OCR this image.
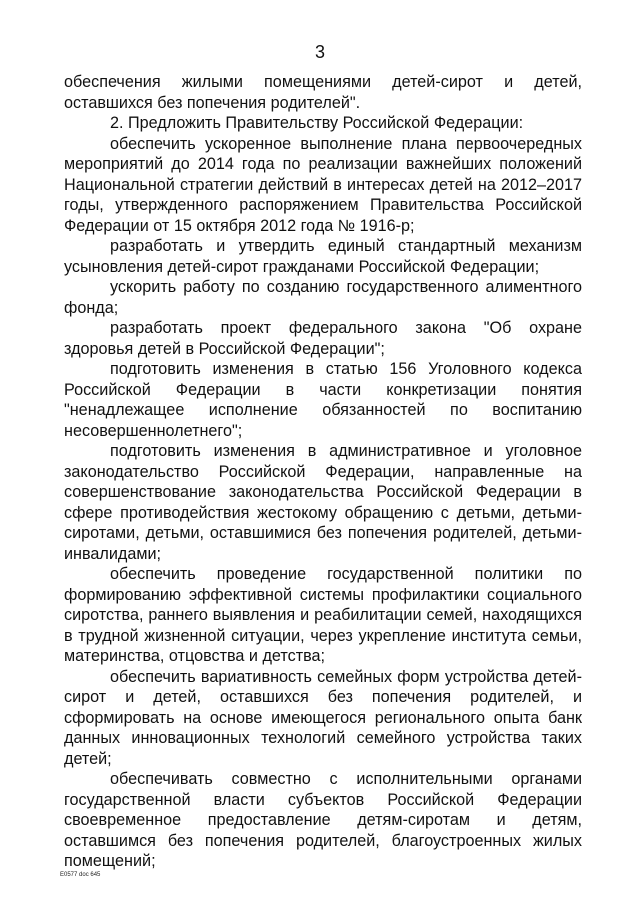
3

обеспечения жилыми помещениями детей-сирот и детей, оставшихся без попечения родителей".

2. Предложить Правительству Российской Федерации:

обеспечить ускоренное выполнение плана первоочередных мероприятий до 2014 года по реализации важнейших положений Национальной стратегии действий в интересах детей на 2012–2017 годы, утвержденного распоряжением Правительства Российской Федерации от 15 октября 2012 года № 1916-р;

разработать и утвердить единый стандартный механизм усыновления детей-сирот гражданами Российской Федерации;

ускорить работу по созданию государственного алиментного фонда;

разработать проект федерального закона "Об охране здоровья детей в Российской Федерации";

подготовить изменения в статью 156 Уголовного кодекса Российской Федерации в части конкретизации понятия "ненадлежащее исполнение обязанностей по воспитанию несовершеннолетнего";

подготовить изменения в административное и уголовное законодательство Российской Федерации, направленные на совершенствование законодательства Российской Федерации в сфере противодействия жестокому обращению с детьми, детьми-сиротами, детьми, оставшимися без попечения родителей, детьми-инвалидами;

обеспечить проведение государственной политики по формированию эффективной системы профилактики социального сиротства, раннего выявления и реабилитации семей, находящихся в трудной жизненной ситуации, через укрепление института семьи, материнства, отцовства и детства;

обеспечить вариативность семейных форм устройства детей-сирот и детей, оставшихся без попечения родителей, и сформировать на основе имеющегося регионального опыта банк данных инновационных технологий семейного устройства таких детей;

обеспечивать совместно с исполнительными органами государственной власти субъектов Российской Федерации своевременное предоставление детям-сиротам и детям, оставшимся без попечения родителей, благоустроенных жилых помещений;

E0577 doc 645
